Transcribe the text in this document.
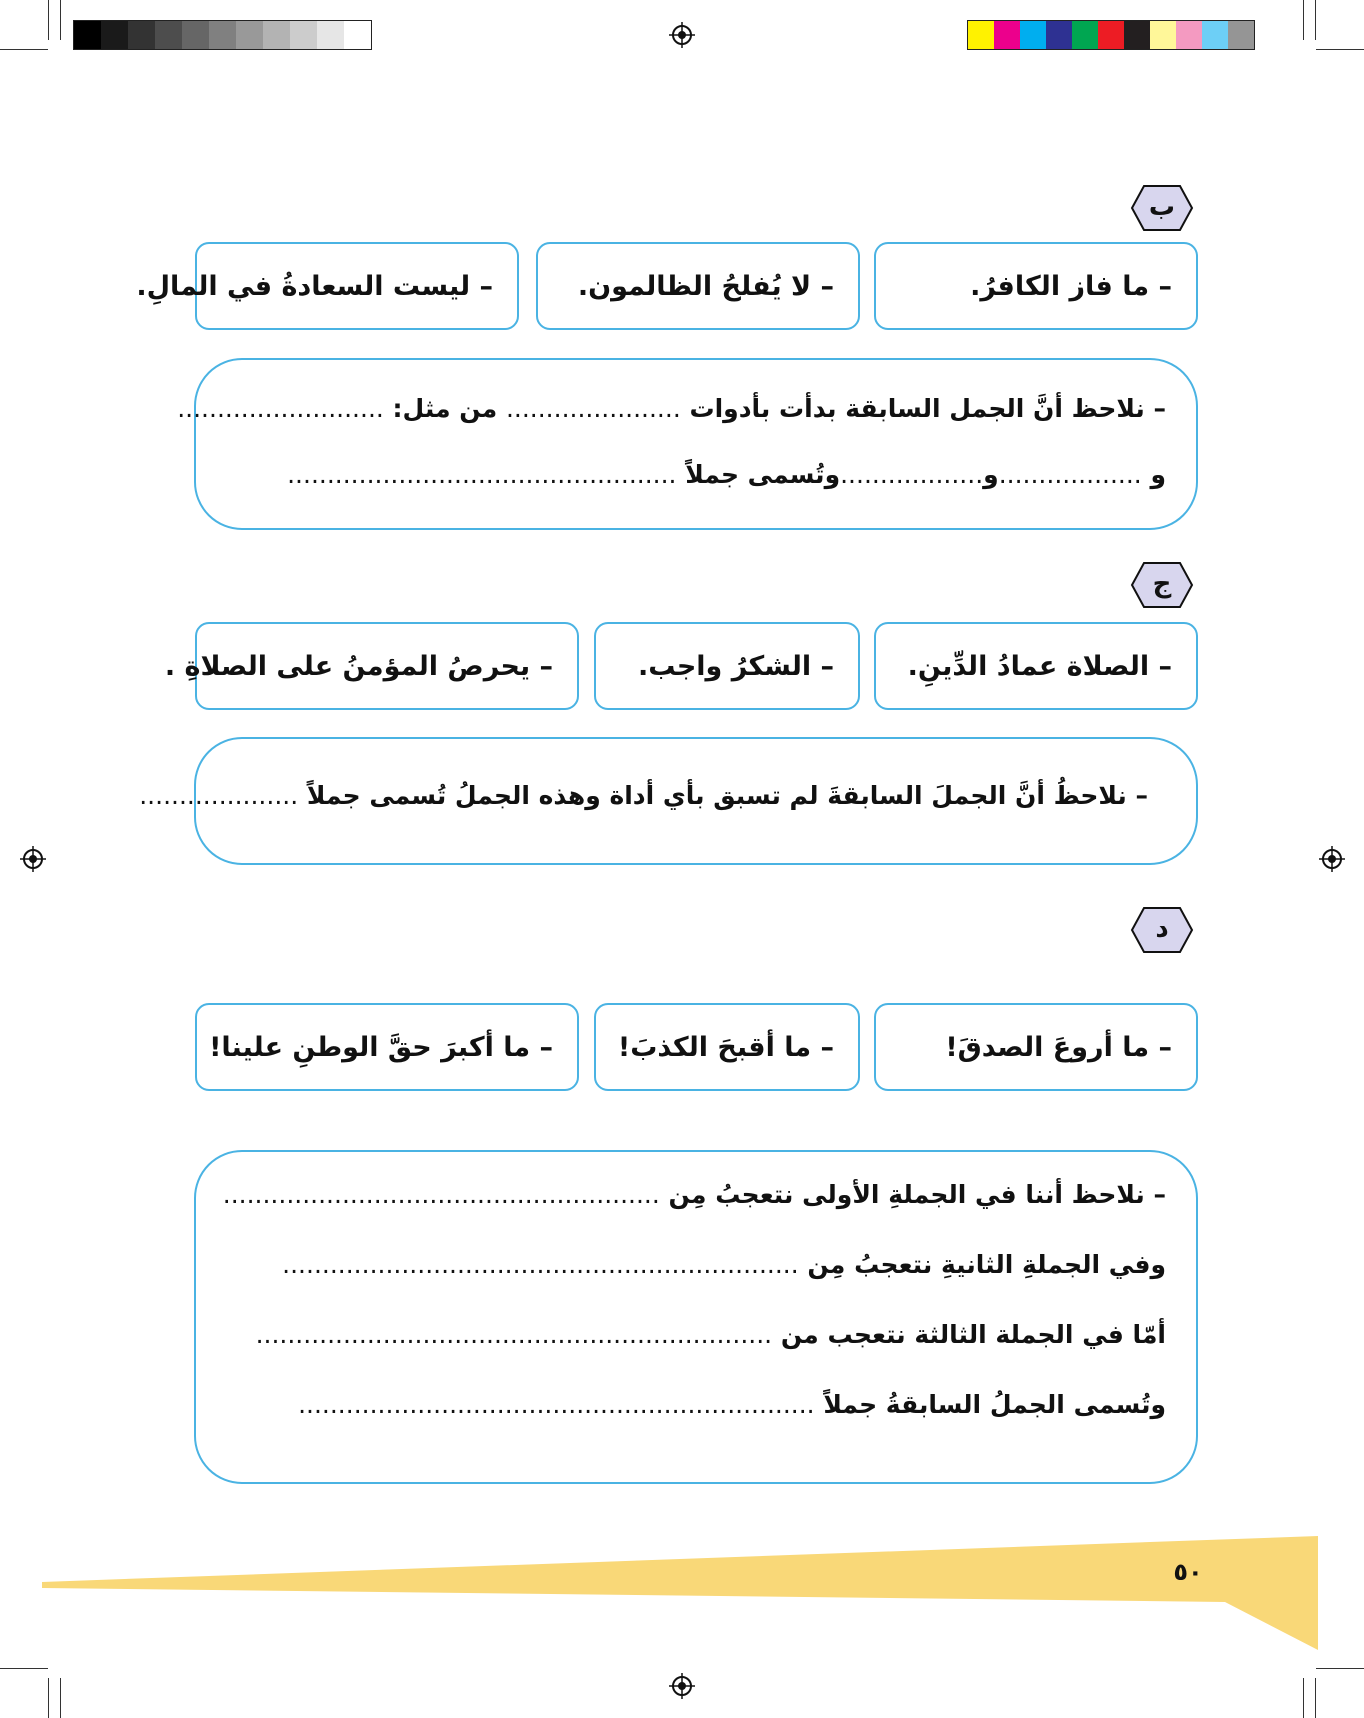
ب
– ما فاز الكافرُ.
– لا يُفلحُ الظالمون.
– ليست السعادةُ في المالِ.
– نلاحظ أنَّ الجمل السابقة بدأت بأدوات ...................... من مثل: ..........................
و ..................و..................وتُسمى جملاً .................................................
ج
– الصلاة عمادُ الدِّينِ.
– الشكرُ واجب.
– يحرصُ المؤمنُ على الصلاةِ .
– نلاحظُ أنَّ الجملَ السابقةَ لم تسبق بأي أداة وهذه الجملُ تُسمى جملاً ....................
د
– ما أروعَ الصدقَ!
– ما أقبحَ الكذبَ!
– ما أكبرَ حقَّ الوطنِ علينا!
– نلاحظ أننا في الجملةِ الأولى نتعجبُ مِن .......................................................
وفي الجملةِ الثانيةِ نتعجبُ مِن .................................................................
أمّا في الجملة الثالثة نتعجب من .................................................................
وتُسمى الجملُ السابقةُ جملاً .................................................................
٥٠
